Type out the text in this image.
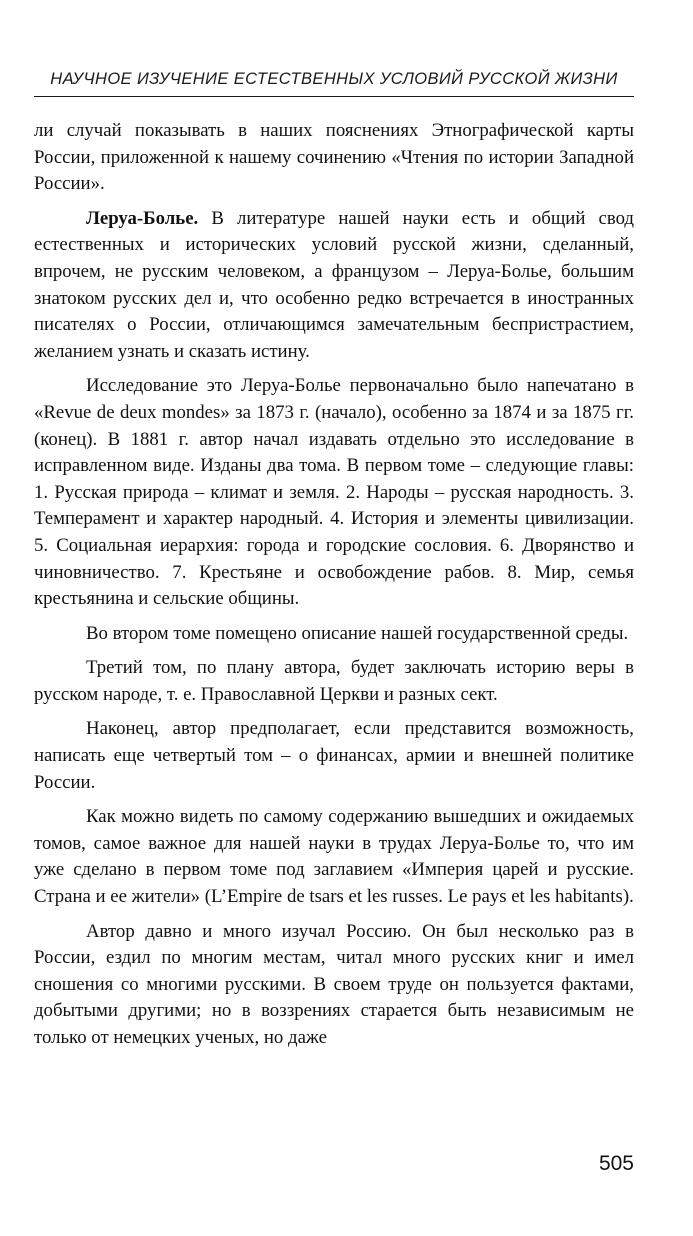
НАУЧНОЕ ИЗУЧЕНИЕ ЕСТЕСТВЕННЫХ УСЛОВИЙ РУССКОЙ ЖИЗНИ

ли случай показывать в наших пояснениях Этнографической карты России, приложенной к нашему сочинению «Чтения по истории Западной России».

Леруа-Болье. В литературе нашей науки есть и общий свод естественных и исторических условий русской жизни, сделанный, впрочем, не русским человеком, а французом – Леруа-Болье, большим знатоком русских дел и, что особенно редко встречается в иностранных писателях о России, отличающимся замечательным беспристрастием, желанием узнать и сказать истину.

Исследование это Леруа-Болье первоначально было напечатано в «Revue de deux mondes» за 1873 г. (начало), особенно за 1874 и за 1875 гг. (конец). В 1881 г. автор начал издавать отдельно это исследование в исправленном виде. Изданы два тома. В первом томе – следующие главы: 1. Русская природа – климат и земля. 2. Народы – русская народность. 3. Темперамент и характер народный. 4. История и элементы цивилизации. 5. Социальная иерархия: города и городские сословия. 6. Дворянство и чиновничество. 7. Крестьяне и освобождение рабов. 8. Мир, семья крестьянина и сельские общины.

Во втором томе помещено описание нашей государственной среды.

Третий том, по плану автора, будет заключать историю веры в русском народе, т. е. Православной Церкви и разных сект.

Наконец, автор предполагает, если представится возможность, написать еще четвертый том – о финансах, армии и внешней политике России.

Как можно видеть по самому содержанию вышедших и ожидаемых томов, самое важное для нашей науки в трудах Леруа-Болье то, что им уже сделано в первом томе под заглавием «Империя царей и русские. Страна и ее жители» (L’Empire de tsars et les russes. Le pays et les habitants).

Автор давно и много изучал Россию. Он был несколько раз в России, ездил по многим местам, читал много русских книг и имел сношения со многими русскими. В своем труде он пользуется фактами, добытыми другими; но в воззрениях старается быть независимым не только от немецких ученых, но даже

505
